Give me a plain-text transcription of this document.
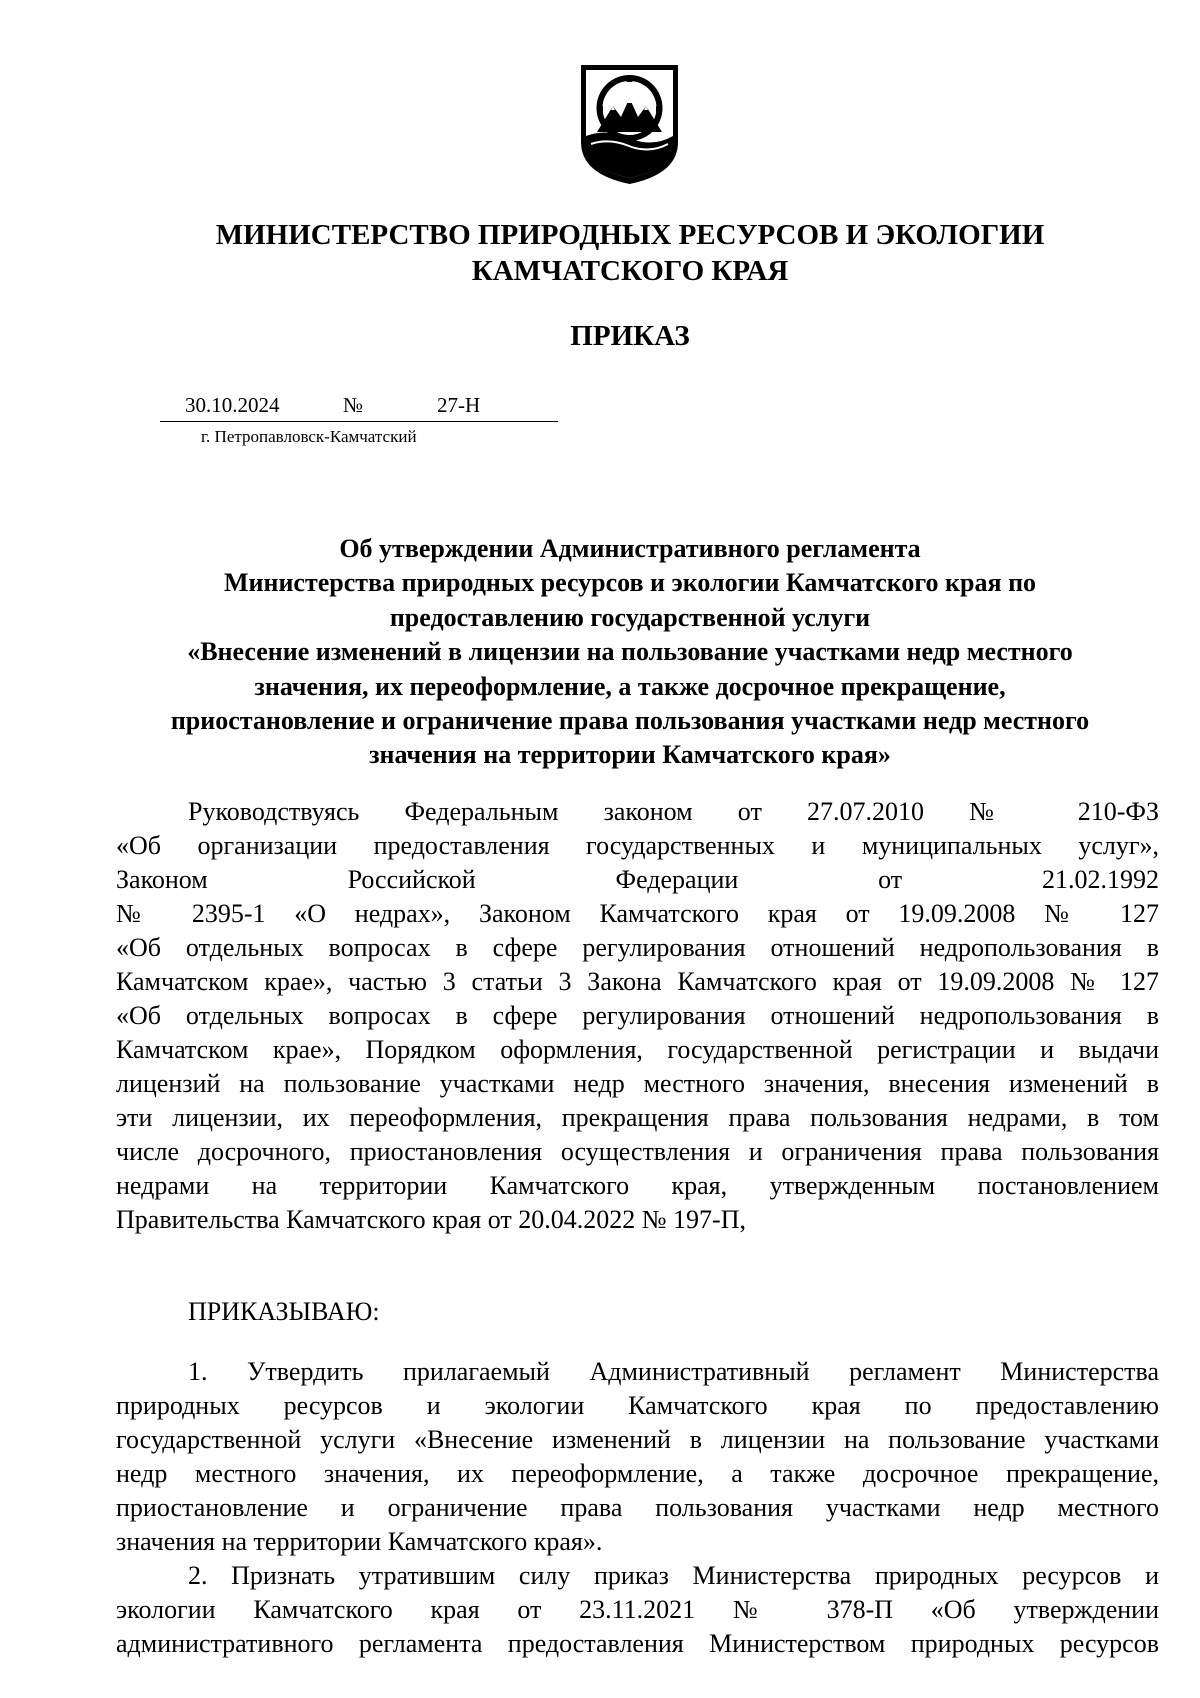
МИНИСТЕРСТВО ПРИРОДНЫХ РЕСУРСОВ И ЭКОЛОГИИ
КАМЧАТСКОГО КРАЯ
ПРИКАЗ
30.10.2024	№	27-Н
г. Петропавловск-Камчатский
Об утверждении Административного регламента
Министерства природных ресурсов и экологии Камчатского края по
предоставлению государственной услуги
«Внесение изменений в лицензии на пользование участками недр местного
значения, их переоформление, а также досрочное прекращение,
приостановление и ограничение права пользования участками недр местного
значения на территории Камчатского края»
Руководствуясь Федеральным законом от 27.07.2010 № 210-ФЗ
«Об организации предоставления государственных и муниципальных услуг»,
Законом Российской Федерации от 21.02.1992
№ 2395-1 «О недрах», Законом Камчатского края от 19.09.2008 № 127
«Об отдельных вопросах в сфере регулирования отношений недропользования в
Камчатском крае», частью 3 статьи 3 Закона Камчатского края от 19.09.2008 № 127
«Об отдельных вопросах в сфере регулирования отношений недропользования в
Камчатском крае», Порядком оформления, государственной регистрации и выдачи
лицензий на пользование участками недр местного значения, внесения изменений в
эти лицензии, их переоформления, прекращения права пользования недрами, в том
числе досрочного, приостановления осуществления и ограничения права пользования
недрами на территории Камчатского края, утвержденным постановлением
Правительства Камчатского края от 20.04.2022 № 197-П,
ПРИКАЗЫВАЮ:
1. Утвердить прилагаемый Административный регламент Министерства
природных ресурсов и экологии Камчатского края по предоставлению
государственной услуги «Внесение изменений в лицензии на пользование участками
недр местного значения, их переоформление, а также досрочное прекращение,
приостановление и ограничение права пользования участками недр местного
значения на территории Камчатского края».
2. Признать утратившим силу приказ Министерства природных ресурсов и
экологии Камчатского края от 23.11.2021 № 378-П «Об утверждении
административного регламента предоставления Министерством природных ресурсов
